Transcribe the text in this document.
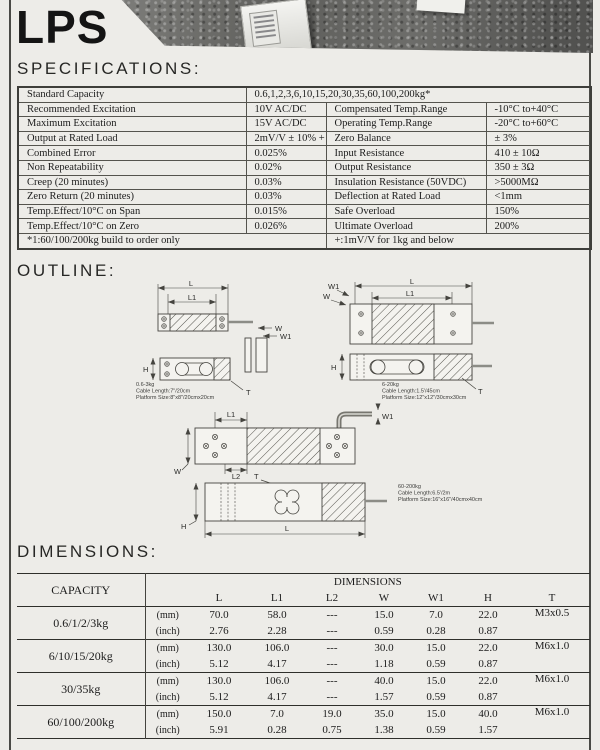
LPS
SPECIFICATIONS:
Standard Capacity	0.6,1,2,3,6,10,15,20,30,35,60,100,200kg*		
Recommended Excitation	10V AC/DC	Compensated Temp.Range	-10°C to+40°C
Maximum Excitation	15V AC/DC	Operating Temp.Range	-20°C to+60°C
Output at Rated Load	2mV/V ± 10% +	Zero Balance	± 3%
Combined Error	0.025%	Input Resistance	410 ± 10Ω
Non Repeatability	0.02%	Output Resistance	350 ± 3Ω
Creep (20 minutes)	0.03%	Insulation Resistance (50VDC)	>5000MΩ
Zero Return (20 minutes)	0.03%	Deflection at Rated Load	<1mm
Temp.Effect/10°C on Span	0.015%	Safe Overload	150%
Temp.Effect/10°C on Zero	0.026%	Ultimate Overload	200%
*1:60/100/200kg build to order only		+:1mV/V for 1kg and below	
OUTLINE:
L
L1
W
W1
H
T
0.6-3kg
Cable Length:7"/20cm
Platform Size:8"x8"/20cmx20cm
L
L1
W1
W
H
T
6-20kg
Cable Length:1.5'/45cm
Platform Size:12"x12"/30cmx30cm
L1	W1
W
L2 T
H	L
60-200kg
Cable Length:6.5'/2m
Platform Size:16"x16"/40cmx40cm
DIMENSIONS:
CAPACITY	DIMENSIONS							
		L	L1	L2	W	W1	H	T
0.6/1/2/3kg	(mm)	70.0	58.0	---	15.0	7.0	22.0	M3x0.5
	(inch)	2.76	2.28	---	0.59	0.28	0.87	
6/10/15/20kg	(mm)	130.0	106.0	---	30.0	15.0	22.0	M6x1.0
	(inch)	5.12	4.17	---	1.18	0.59	0.87	
30/35kg	(mm)	130.0	106.0	---	40.0	15.0	22.0	M6x1.0
	(inch)	5.12	4.17	---	1.57	0.59	0.87	
60/100/200kg	(mm)	150.0	7.0	19.0	35.0	15.0	40.0	M6x1.0
	(inch)	5.91	0.28	0.75	1.38	0.59	1.57	
